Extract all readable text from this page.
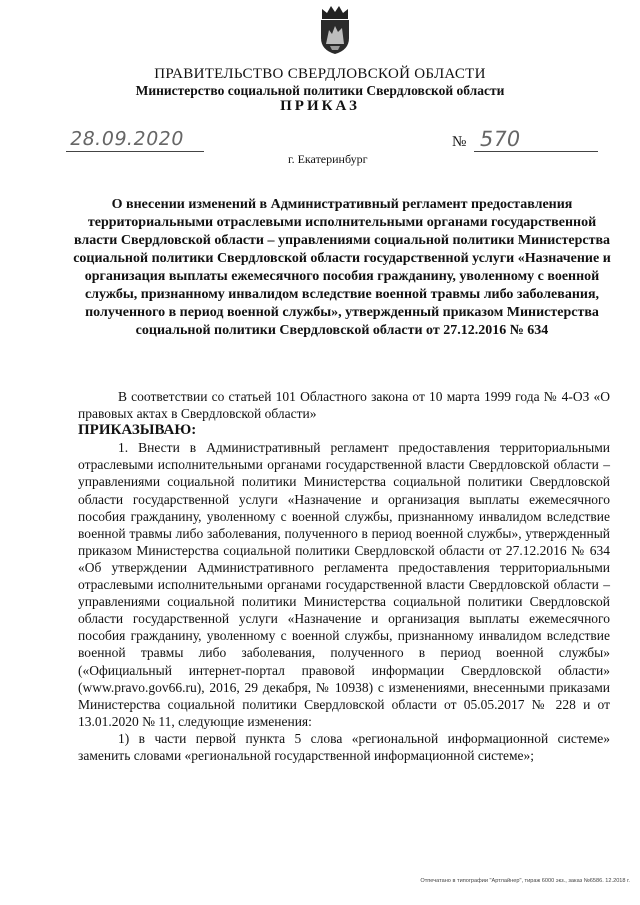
ПРАВИТЕЛЬСТВО СВЕРДЛОВСКОЙ ОБЛАСТИ
Министерство социальной политики Свердловской области
ПРИКАЗ
28.09.2020	№ 570
г. Екатеринбург
О внесении изменений в Административный регламент предоставления территориальными отраслевыми исполнительными органами государственной власти Свердловской области – управлениями социальной политики Министерства социальной политики Свердловской области государственной услуги «Назначение и организация выплаты ежемесячного пособия гражданину, уволенному с военной службы, признанному инвалидом вследствие военной травмы либо заболевания, полученного в период военной службы», утвержденный приказом Министерства социальной политики Свердловской области от 27.12.2016 № 634

В соответствии со статьей 101 Областного закона от 10 марта 1999 года № 4-ОЗ «О правовых актах в Свердловской области»

ПРИКАЗЫВАЮ:

1. Внести в Административный регламент предоставления территориальными отраслевыми исполнительными органами государственной власти Свердловской области – управлениями социальной политики Министерства социальной политики Свердловской области государственной услуги «Назначение и организация выплаты ежемесячного пособия гражданину, уволенному с военной службы, признанному инвалидом вследствие военной травмы либо заболевания, полученного в период военной службы», утвержденный приказом Министерства социальной политики Свердловской области от 27.12.2016 № 634 «Об утверждении Административного регламента предоставления территориальными отраслевыми исполнительными органами государственной власти Свердловской области – управлениями социальной политики Министерства социальной политики Свердловской области государственной услуги «Назначение и организация выплаты ежемесячного пособия гражданину, уволенному с военной службы, признанному инвалидом вследствие военной травмы либо заболевания, полученного в период военной службы» («Официальный интернет-портал правовой информации Свердловской области» (www.pravo.gov66.ru), 2016, 29 декабря, № 10938) с изменениями, внесенными приказами Министерства социальной политики Свердловской области от 05.05.2017 № 228 и от 13.01.2020 № 11, следующие изменения:

1) в части первой пункта 5 слова «региональной информационной системе» заменить словами «региональной государственной информационной системе»;

Отпечатано в типографии "Артлайнер", тираж 6000 экз., заказ №6586. 12.2018 г.
